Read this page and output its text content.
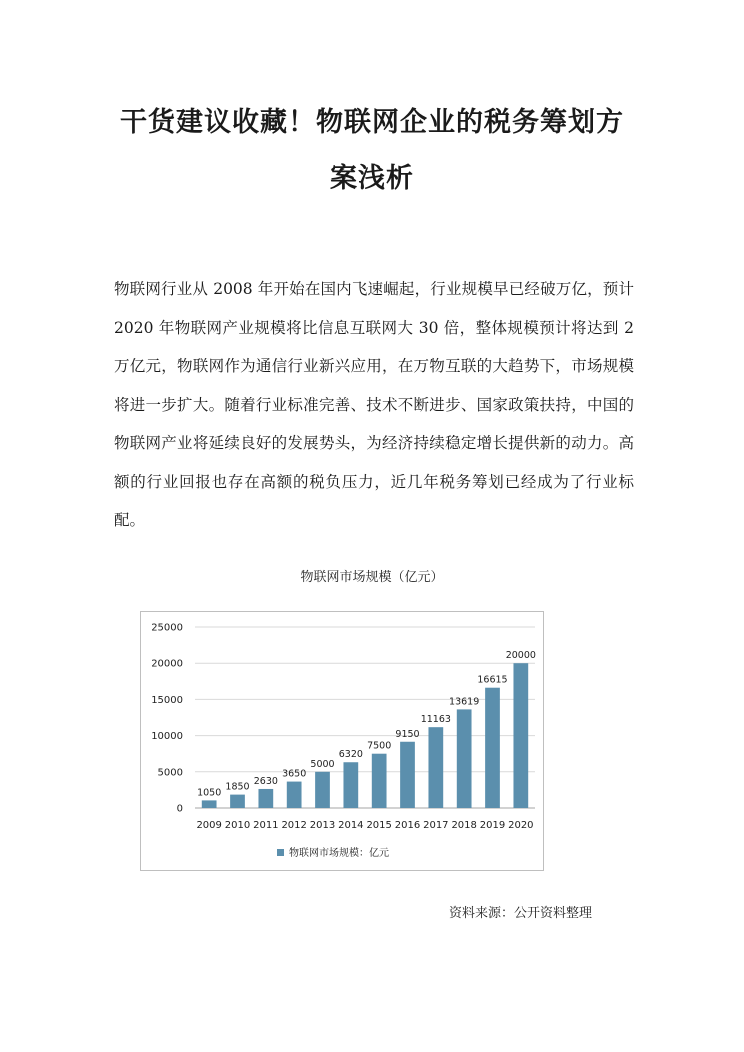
干货建议收藏！物联网企业的税务筹划方
案浅析

物联网行业从 2008 年开始在国内飞速崛起，行业规模早已经破万亿，预计 2020 年物联网产业规模将比信息互联网大 30 倍，整体规模预计将达到 2 万亿元，物联网作为通信行业新兴应用，在万物互联的大趋势下，市场规模将进一步扩大。随着行业标准完善、技术不断进步、国家政策扶持，中国的物联网产业将延续良好的发展势头，为经济持续稳定增长提供新的动力。高额的行业回报也存在高额的税负压力，近几年税务筹划已经成为了行业标配。

物联网市场规模（亿元）
0
5000
10000
15000
20000
25000
1050
2009
1850
2010
2630
2011
3650
2012
5000
2013
6320
2014
7500
2015
9150
2016
11163
2017
13619
2018
16615
2019
20000
2020
物联网市场规模：亿元
资料来源：公开资料整理
